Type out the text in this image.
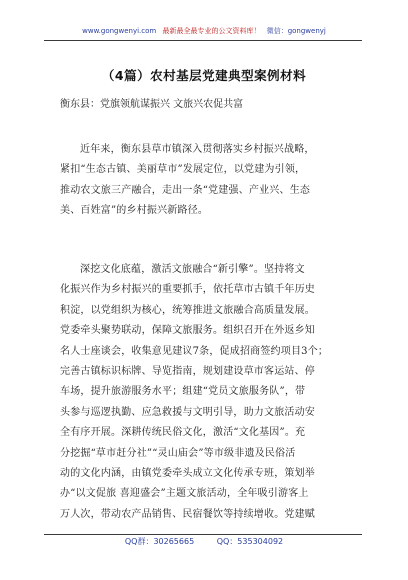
www.gongwenyi.com 最新最全最专业的公文资料库！ 微信：gongwenyj
（4篇）农村基层党建典型案例材料
衡东县：党旗领航谋振兴 文旅兴农促共富
近年来，衡东县草市镇深入贯彻落实乡村振兴战略，
紧扣“生态古镇、美丽草市”发展定位，以党建为引领，
推动农文旅三产融合，走出一条“党建强、产业兴、生态
美、百姓富”的乡村振兴新路径。
深挖文化底蕴，激活文旅融合“新引擎”。坚持将文
化振兴作为乡村振兴的重要抓手，依托草市古镇千年历史
积淀，以党组织为核心，统筹推进文旅融合高质量发展。
党委牵头聚势联动，保障文旅服务。组织召开在外返乡知
名人士座谈会，收集意见建议7条，促成招商签约项目3个；
完善古镇标识标牌、导览指南，规划建设草市客运站、停
车场，提升旅游服务水平；组建“党员文旅服务队”，带
头参与巡逻执勤、应急救援与文明引导，助力文旅活动安
全有序开展。深耕传统民俗文化，激活“文化基因”。充
分挖掘“草市赶分社”“灵山庙会”等市级非遗及民俗活
动的文化内涵，由镇党委牵头成立文化传承专班，策划举
办“以文促旅 喜迎盛会”主题文旅活动，全年吸引游客上
万人次，带动农产品销售、民宿餐饮等持续增收。党建赋
QQ群：30265665	QQ：535304092
